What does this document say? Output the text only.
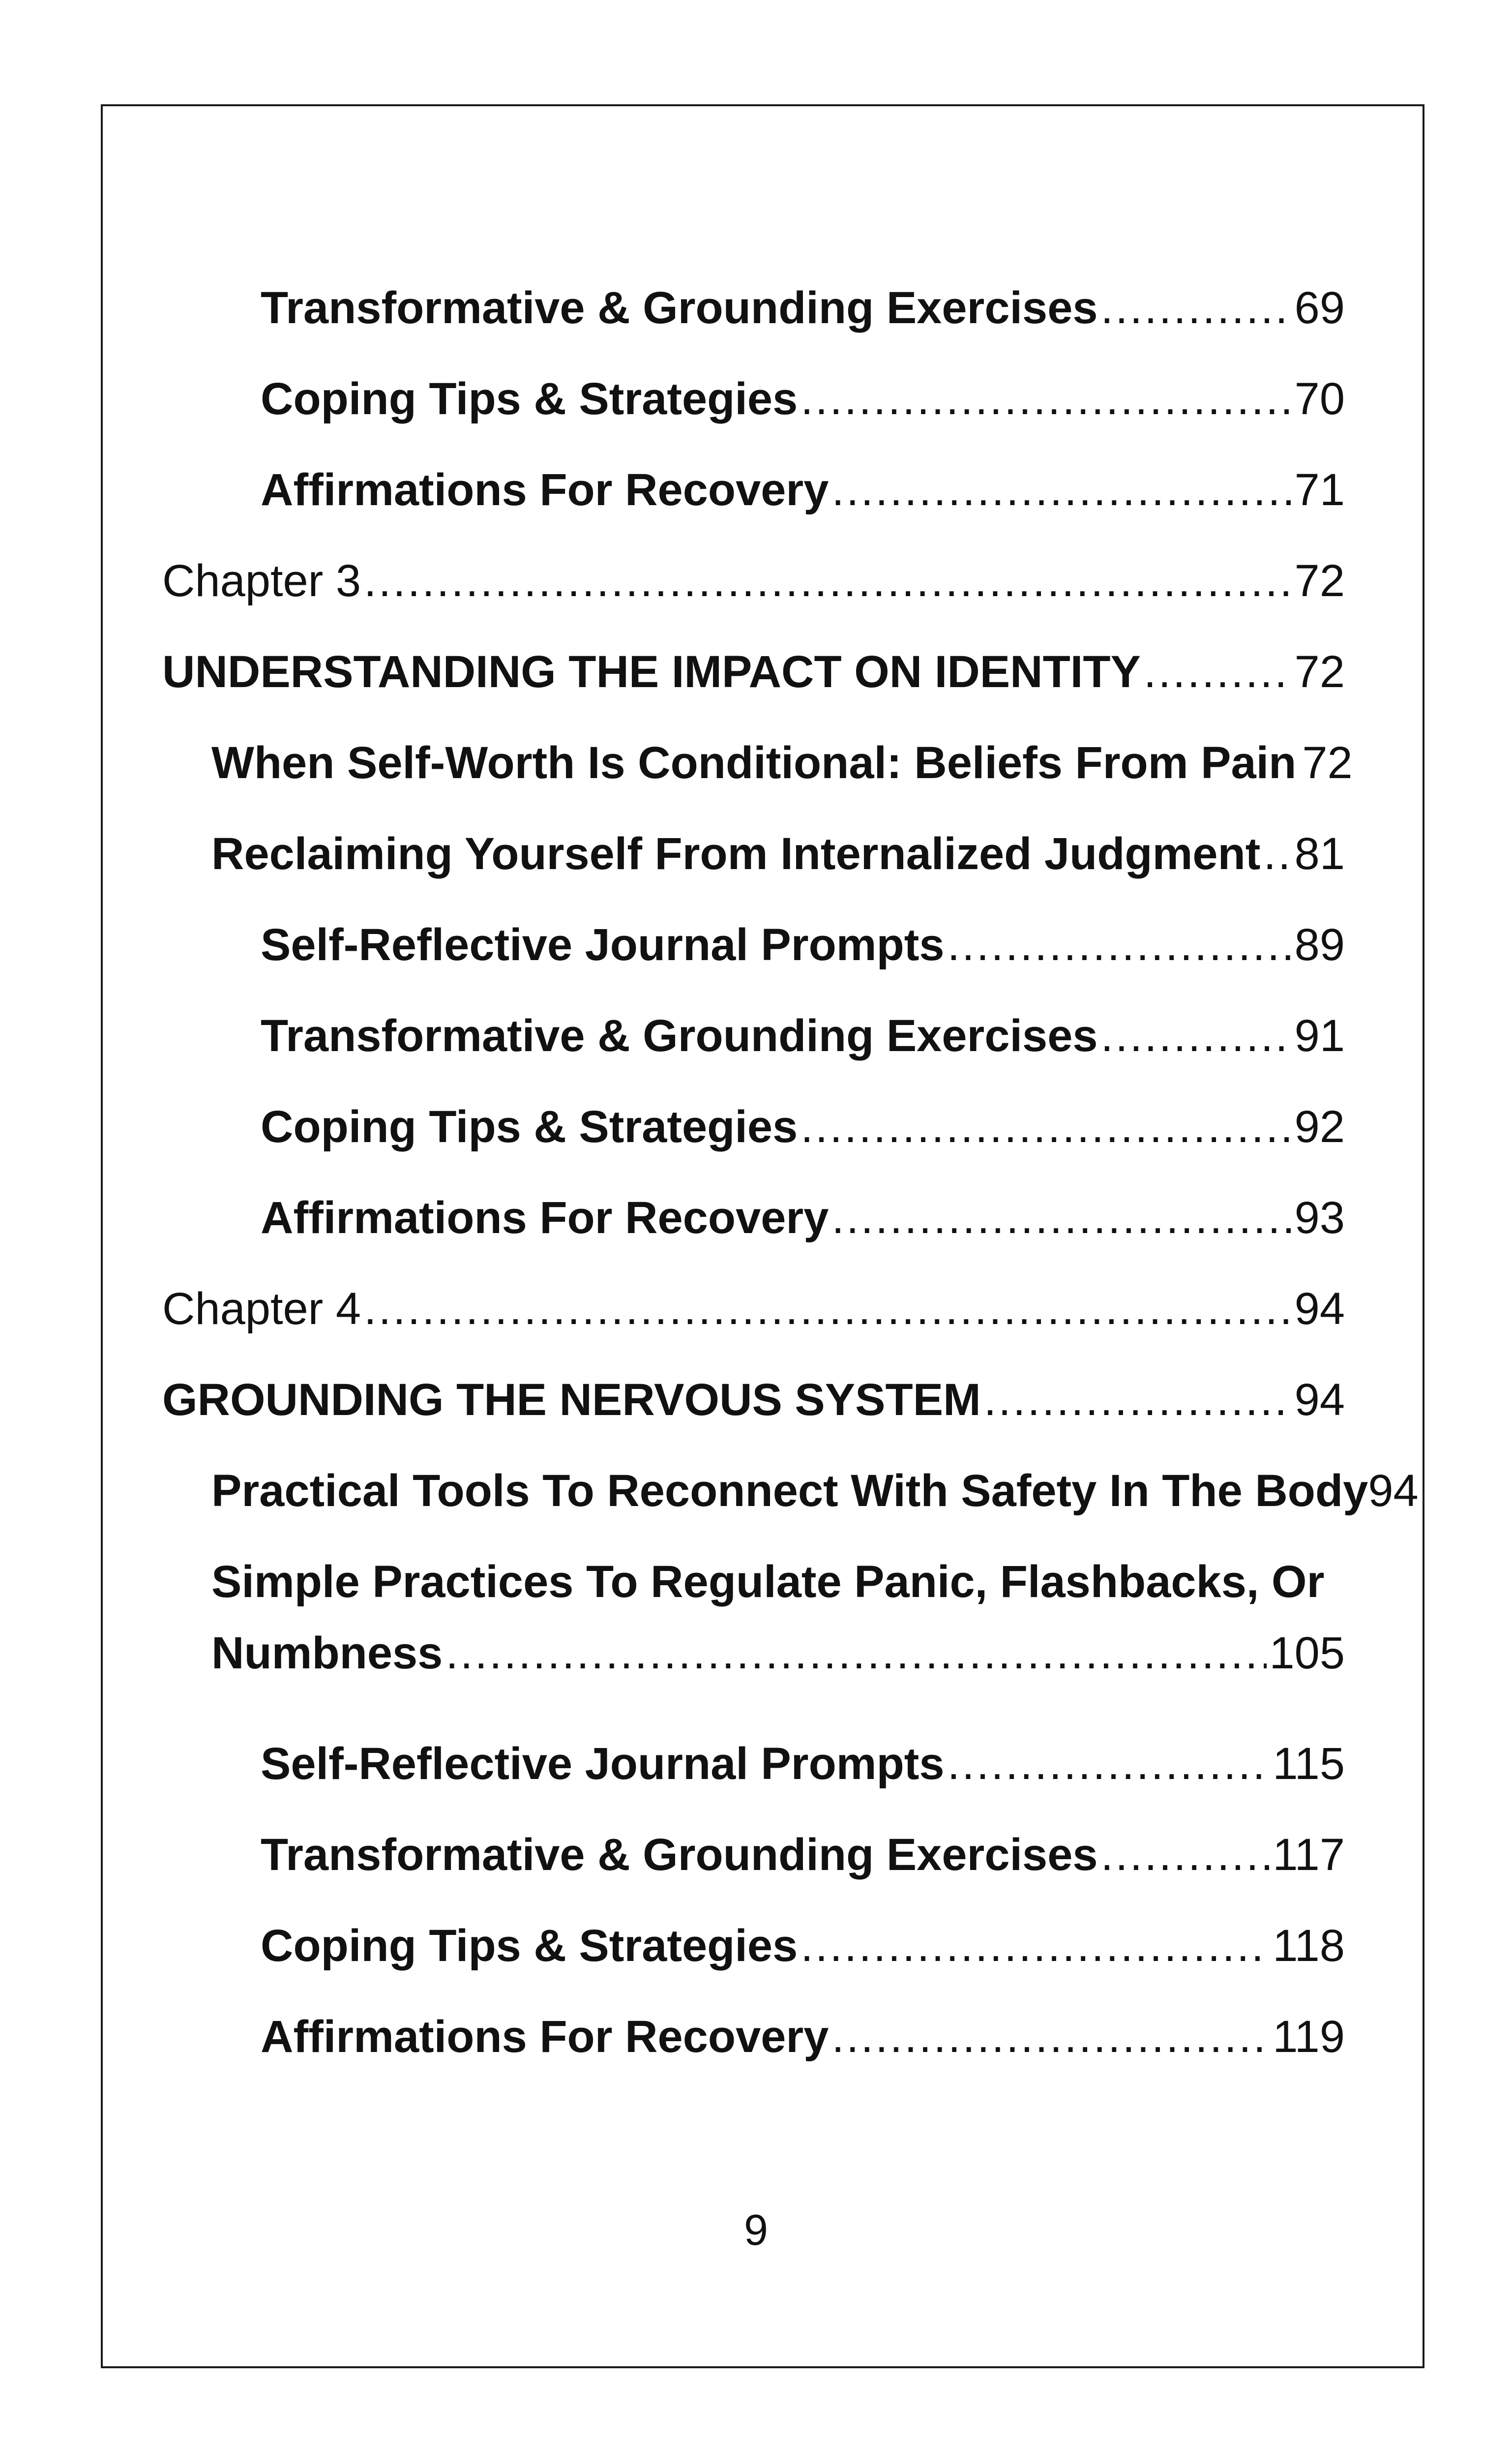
Transformative & Grounding Exercises .....	69
Coping Tips & Strategies .....	70
Affirmations For Recovery .....	71
Chapter 3 .....	72
UNDERSTANDING THE IMPACT ON IDENTITY .....	72
When Self-Worth Is Conditional: Beliefs From Pain 72
Reclaiming Yourself From Internalized Judgment ..... 81
Self-Reflective Journal Prompts .....	89
Transformative & Grounding Exercises .....	91
Coping Tips & Strategies .....	92
Affirmations For Recovery .....	93
Chapter 4 .....	94
GROUNDING THE NERVOUS SYSTEM .....	94
Practical Tools To Reconnect With Safety In The Body 94
Simple Practices To Regulate Panic, Flashbacks, Or
Numbness .....	105
Self-Reflective Journal Prompts .....	115
Transformative & Grounding Exercises .....	117
Coping Tips & Strategies .....	118
Affirmations For Recovery .....	119
9
